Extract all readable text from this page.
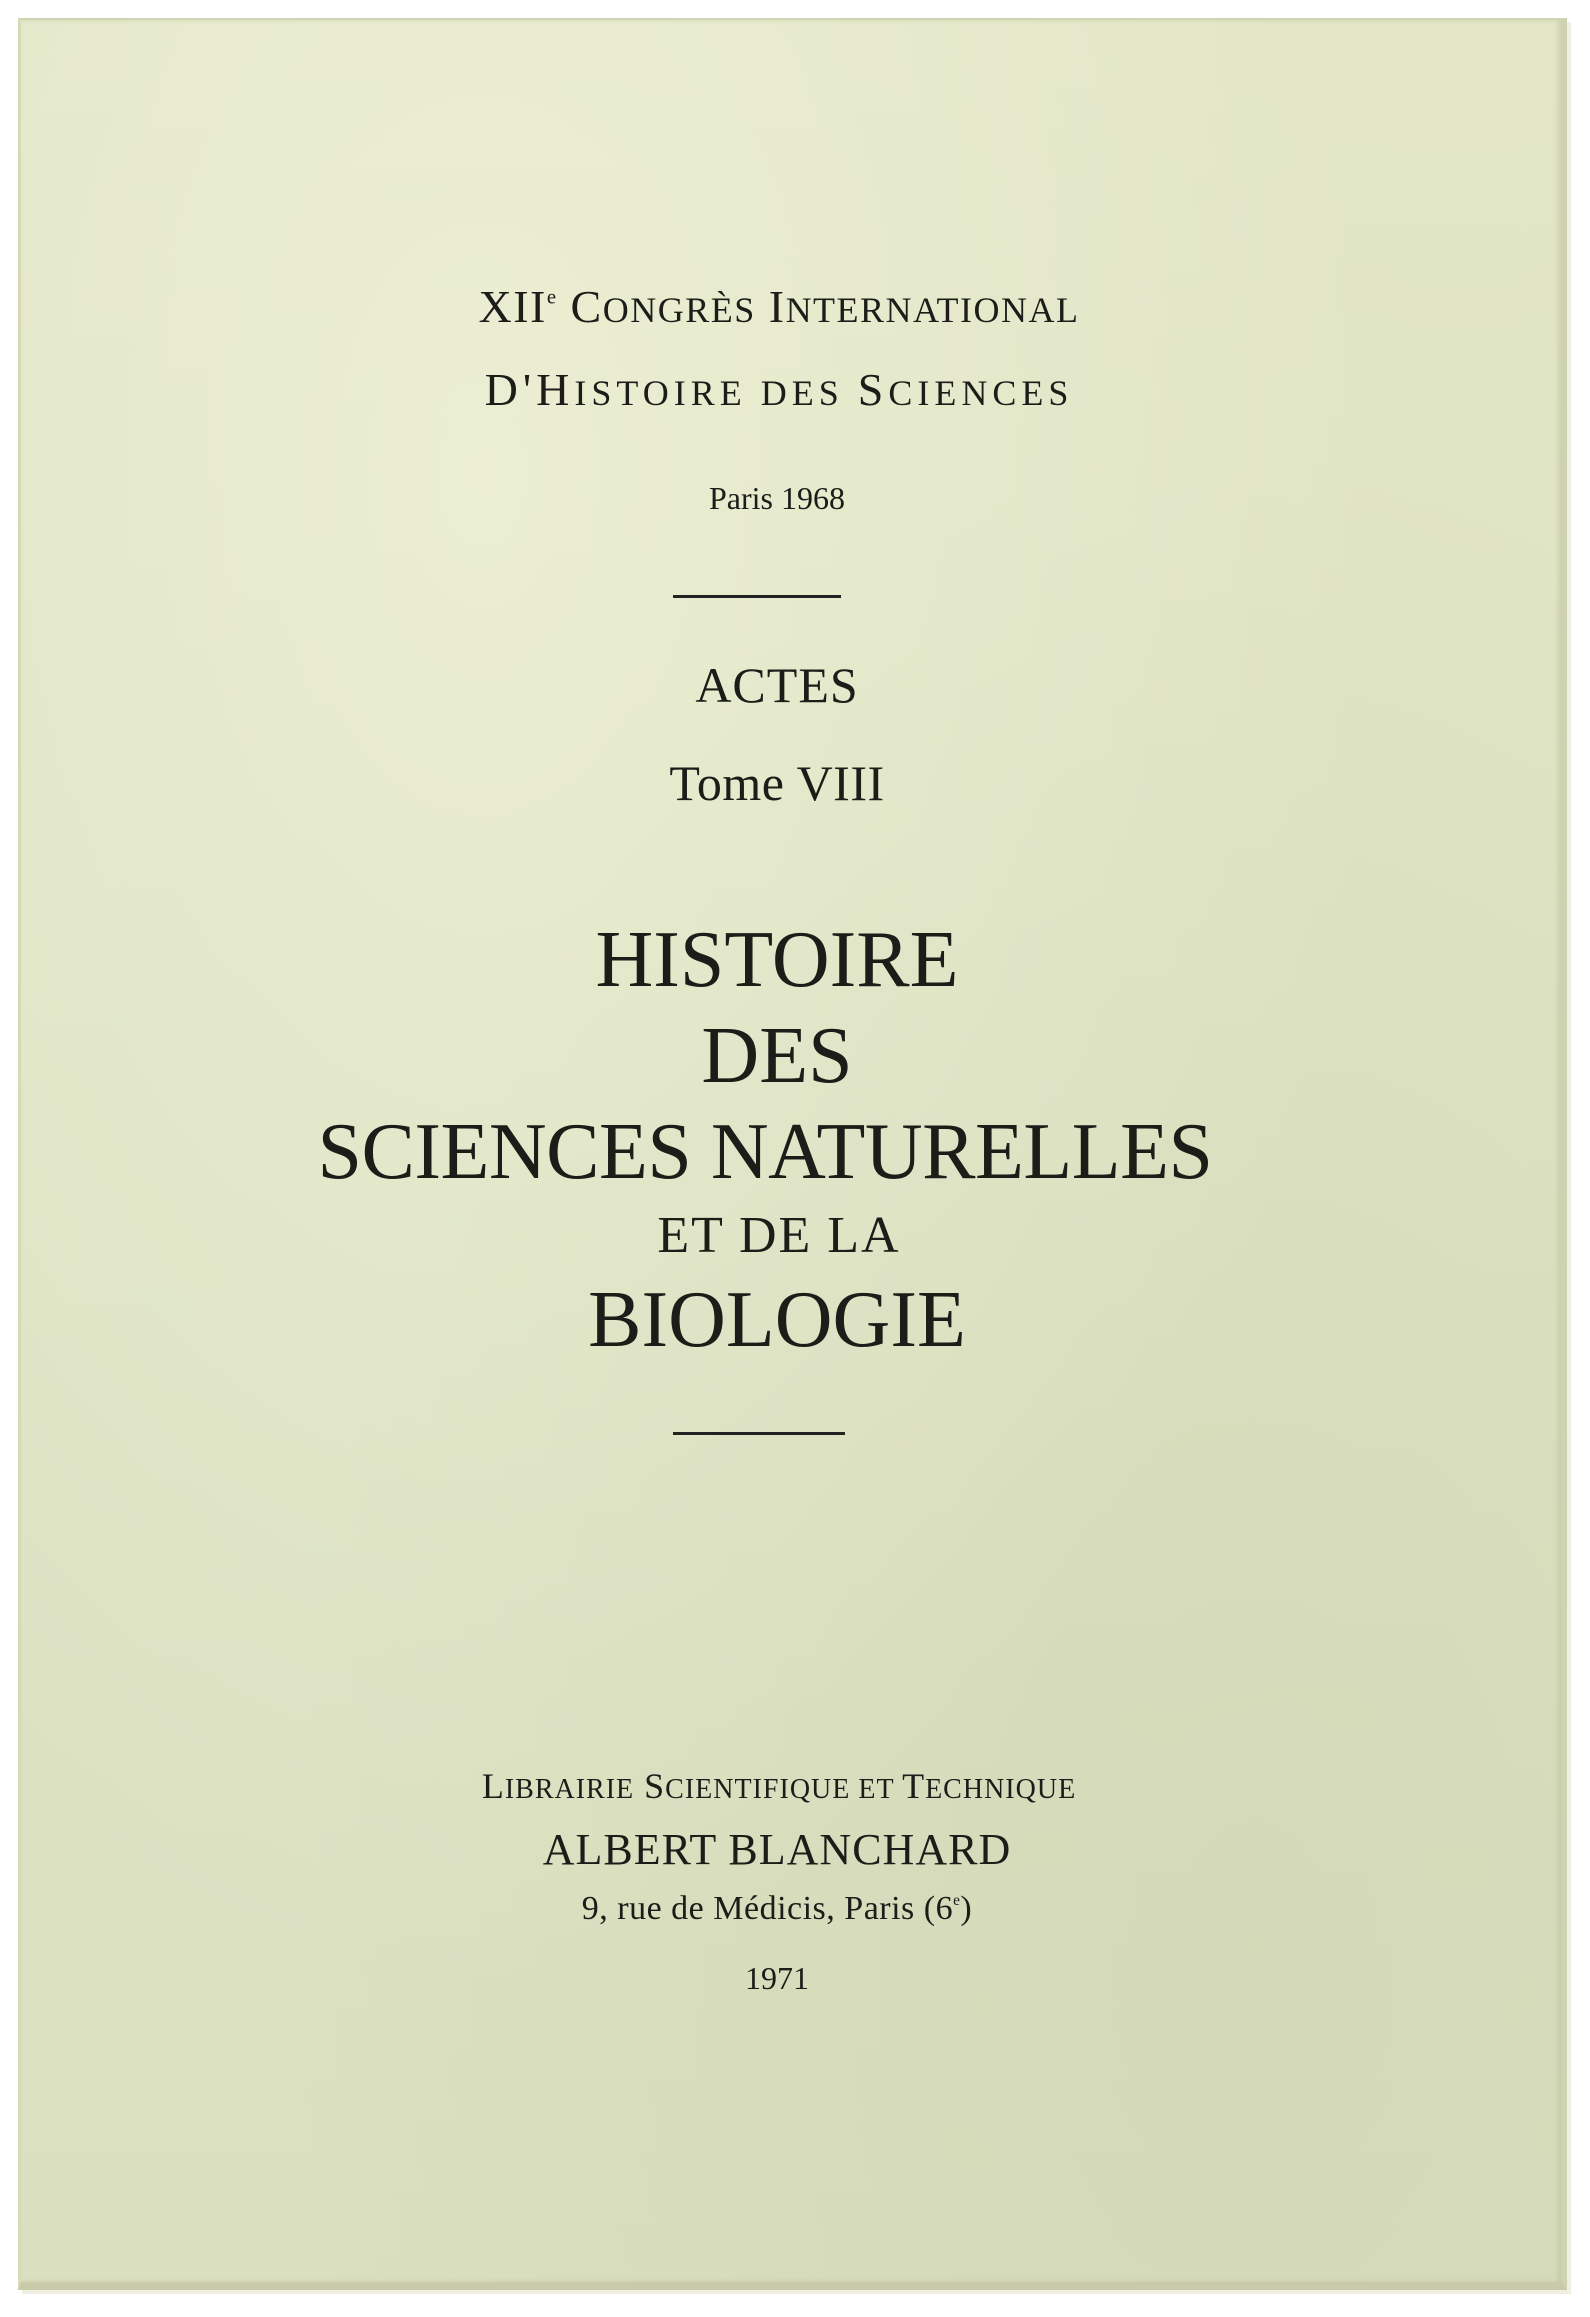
XIIe CONGRÈS INTERNATIONAL
D'HISTOIRE DES SCIENCES
Paris 1968
ACTES
Tome VIII
HISTOIRE
DES
SCIENCES NATURELLES
ET DE LA
BIOLOGIE
LIBRAIRIE SCIENTIFIQUE ET TECHNIQUE
ALBERT BLANCHARD
9, rue de Médicis, Paris (6e)
1971
